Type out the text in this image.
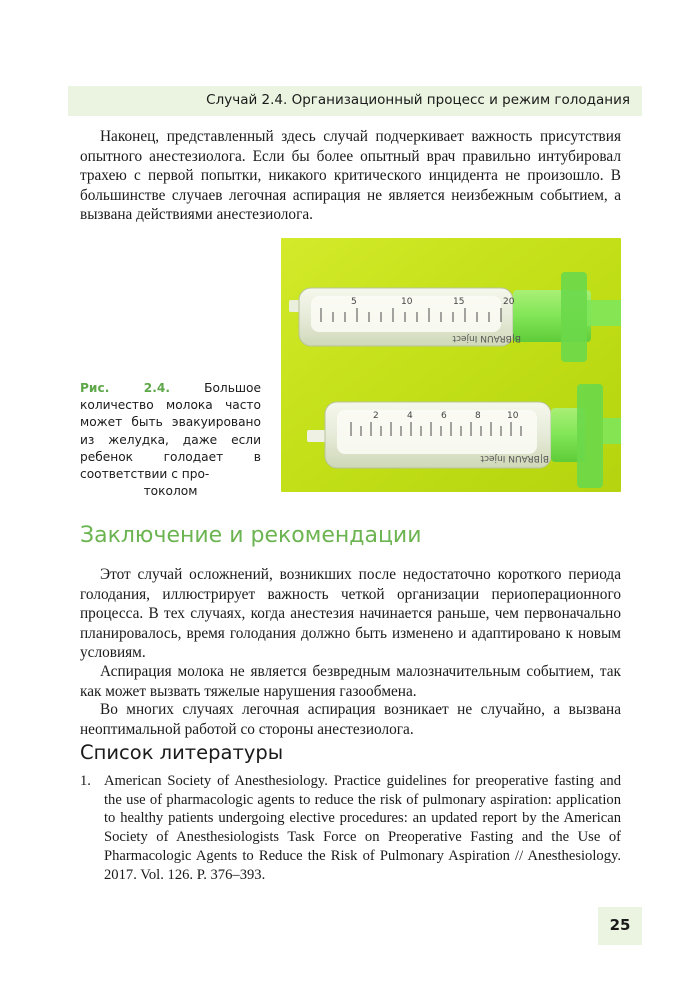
Случай 2.4. Организационный процесс и режим голодания

Наконец, представленный здесь случай подчеркивает важность присутствия опытного анестезиолога. Если бы более опытный врач правильно интубировал трахею с первой попытки, никакого критического инцидента не произошло. В большинстве случаев легочная аспирация не является неизбежным событием, а вызвана действиями анестезиолога.

5	10	15	20
B|BRAUN Inject
2	4	6	8	10
B|BRAUN Inject

Рис. 2.4.	Большое количество молока часто может быть эвакуировано из желудка, даже если ребенок голодает в соответствии с про-
токолом

Заключение и рекомендации

Этот случай осложнений, возникших после недостаточно короткого периода голодания, иллюстрирует важность четкой организации периоперационного процесса. В тех случаях, когда анестезия начинается раньше, чем первоначально планировалось, время голодания должно быть изменено и адаптировано к новым условиям.

Аспирация молока не является безвредным малозначительным событием, так как может вызвать тяжелые нарушения газообмена.

Во многих случаях легочная аспирация возникает не случайно, а вызвана неоптимальной работой со стороны анестезиолога.

Список литературы
1. American Society of Anesthesiology. Practice guidelines for preoperative fasting and the use of pharmacologic agents to reduce the risk of pulmonary aspiration: application to healthy patients undergoing elective procedures: an updated report by the American Society of Anesthesiologists Task Force on Preoperative Fasting and the Use of Pharmacologic Agents to Reduce the Risk of Pulmonary Aspiration // Anesthesiology. 2017. Vol. 126. P. 376–393.
25
